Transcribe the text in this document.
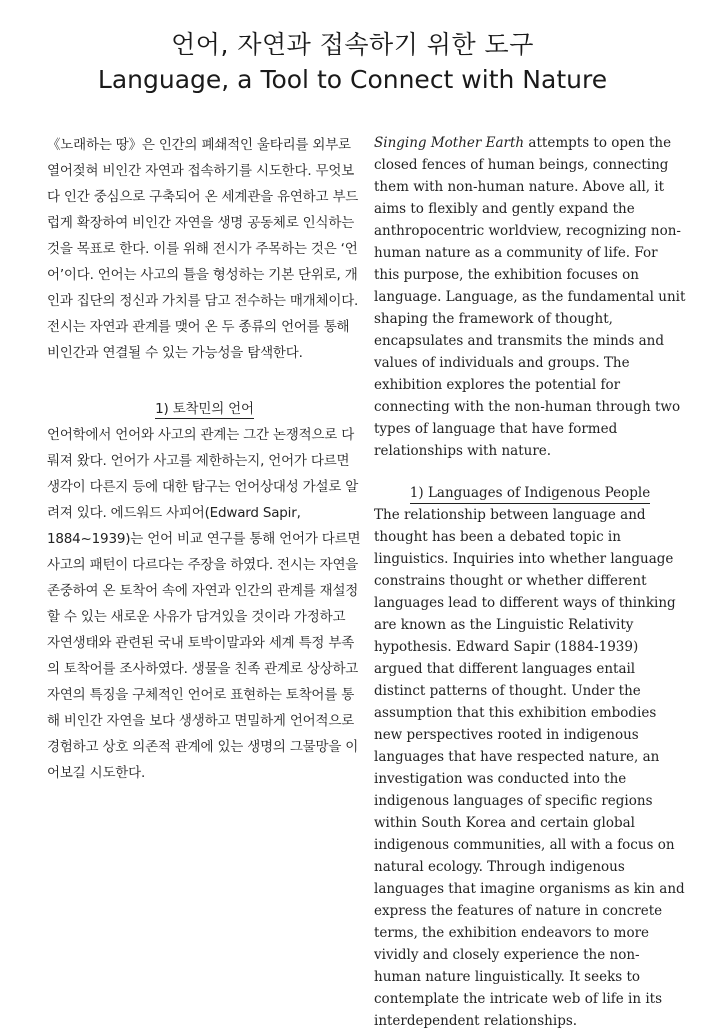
언어, 자연과 접속하기 위한 도구
Language, a Tool to Connect with Nature

《노래하는 땅》은 인간의 폐쇄적인 울타리를 외부로 열어젖혀 비인간 자연과 접속하기를 시도한다. 무엇보다 인간 중심으로 구축되어 온 세계관을 유연하고 부드럽게 확장하여 비인간 자연을 생명 공동체로 인식하는 것을 목표로 한다. 이를 위해 전시가 주목하는 것은 ‘언어’이다. 언어는 사고의 틀을 형성하는 기본 단위로, 개인과 집단의 정신과 가치를 담고 전수하는 매개체이다. 전시는 자연과 관계를 맺어 온 두 종류의 언어를 통해 비인간과 연결될 수 있는 가능성을 탐색한다.

1) 토착민의 언어

언어학에서 언어와 사고의 관계는 그간 논쟁적으로 다뤄져 왔다. 언어가 사고를 제한하는지, 언어가 다르면 생각이 다른지 등에 대한 탐구는 언어상대성 가설로 알려져 있다. 에드워드 사피어(Edward Sapir, 1884~1939)는 언어 비교 연구를 통해 언어가 다르면 사고의 패턴이 다르다는 주장을 하였다. 전시는 자연을 존중하여 온 토착어 속에 자연과 인간의 관계를 재설정할 수 있는 새로운 사유가 담겨있을 것이라 가정하고 자연생태와 관련된 국내 토박이말과와 세계 특정 부족의 토착어를 조사하였다. 생물을 친족 관계로 상상하고 자연의 특징을 구체적인 언어로 표현하는 토착어를 통해 비인간 자연을 보다 생생하고 면밀하게 언어적으로 경험하고 상호 의존적 관계에 있는 생명의 그물망을 이어보길 시도한다.

Singing Mother Earth attempts to open the closed fences of human beings, connecting them with non-human nature. Above all, it aims to flexibly and gently expand the anthropocentric worldview, recognizing non-human nature as a community of life. For this purpose, the exhibition focuses on language. Language, as the fundamental unit shaping the framework of thought, encapsulates and transmits the minds and values of individuals and groups. The exhibition explores the potential for connecting with the non-human through two types of language that have formed relationships with nature.

1) Languages of Indigenous People

The relationship between language and thought has been a debated topic in linguistics. Inquiries into whether language constrains thought or whether different languages lead to different ways of thinking are known as the Linguistic Relativity hypothesis. Edward Sapir (1884-1939) argued that different languages entail distinct patterns of thought. Under the assumption that this exhibition embodies new perspectives rooted in indigenous languages that have respected nature, an investigation was conducted into the indigenous languages of specific regions within South Korea and certain global indigenous communities, all with a focus on natural ecology. Through indigenous languages that imagine organisms as kin and express the features of nature in concrete terms, the exhibition endeavors to more vividly and closely experience the non-human nature linguistically. It seeks to contemplate the intricate web of life in its interdependent relationships.
